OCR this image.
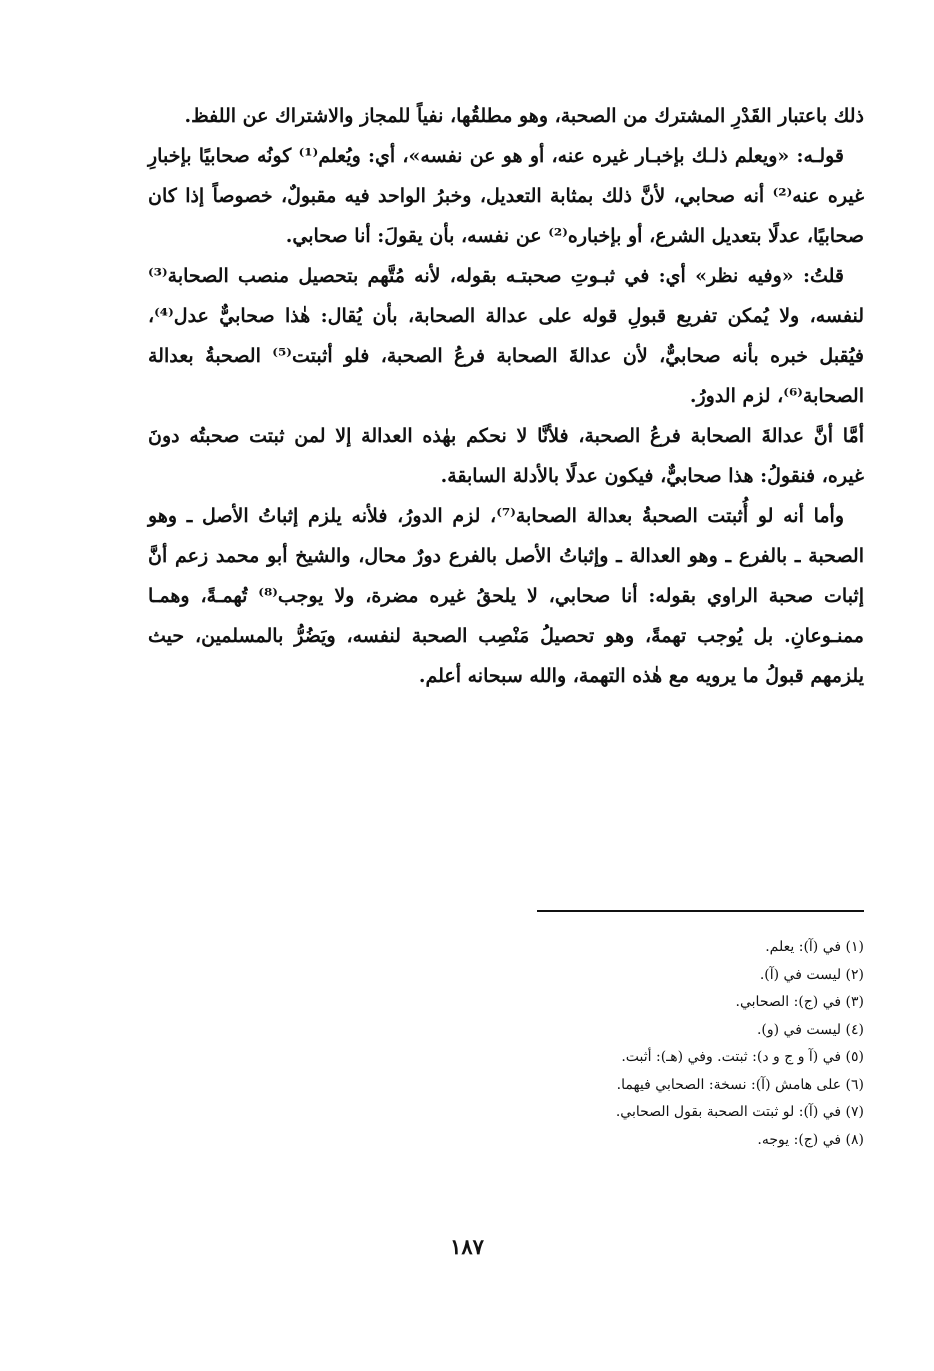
ذلك باعتبار القَدْرِ المشترك من الصحبة، وهو مطلقُها، نفياً للمجاز والاشتراك عن اللفظ.

قولـه: «ويعلم ذلـك بإخبـار غيره عنه، أو هو عن نفسه»، أي: ويُعلم⁽¹⁾ كونُه صحابيًا بإخبارِ غيره عنه⁽²⁾ أنه صحابي، لأنَّ ذلك بمثابة التعديل، وخبرُ الواحد فيه مقبولٌ، خصوصاً إذا كان صحابيًا، عدلًا بتعديل الشرع، أو بإخباره⁽²⁾ عن نفسه، بأن يقولَ: أنا صحابي.

قلتُ: «وفيه نظر» أي: في ثبـوتِ صحبتـه بقوله، لأنه مُتَّهم بتحصيل منصب الصحابة⁽³⁾ لنفسه، ولا يُمكن تفريع قبولِ قوله على عدالة الصحابة، بأن يُقال: هٰذا صحابيٌّ عدل⁽⁴⁾، فيُقبل خبره بأنه صحابيٌّ، لأن عدالةَ الصحابة فرعُ الصحبة، فلو أثبتت⁽⁵⁾ الصحبةُ بعدالة الصحابة⁽⁶⁾، لزم الدورُ.

أمَّا أنَّ عدالةَ الصحابة فرعُ الصحبة، فلأنَّا لا نحكم بهٰذه العدالة إلا لمن ثبتت صحبتُه دونَ غيره، فنقولُ: هذا صحابيٌّ، فيكون عدلًا بالأدلة السابقة.

وأما أنه لو أُثبتت الصحبةُ بعدالة الصحابة⁽⁷⁾، لزم الدورُ، فلأنه يلزم إثباتُ الأصل ـ وهو الصحبة ـ بالفرع ـ وهو العدالة ـ وإثباتُ الأصل بالفرع دورٌ محال، والشيخ أبو محمد زعم أنَّ إثبات صحبة الراوي بقوله: أنا صحابي، لا يلحقُ غيره مضرة، ولا يوجب⁽⁸⁾ تُهمـةً، وهمـا ممنـوعانِ. بل يُوجب تهمةً، وهو تحصيلُ مَنْصِب الصحبة لنفسه، ويَضُرُّ بالمسلمين، حيث يلزمهم قبولُ ما يرويه مع هٰذه التهمة، والله سبحانه أعلم.

(١) في (آ): يعلم.
(٢) ليست في (آ).
(٣) في (ج): الصحابي.
(٤) ليست في (و).
(٥) في (آ و ج و د): ثبتت. وفي (هـ): أثبت.
(٦) على هامش (آ): نسخة: الصحابي فيهما.
(٧) في (آ): لو ثبتت الصحبة بقول الصحابي.
(٨) في (ج): يوجه.
١٨٧
